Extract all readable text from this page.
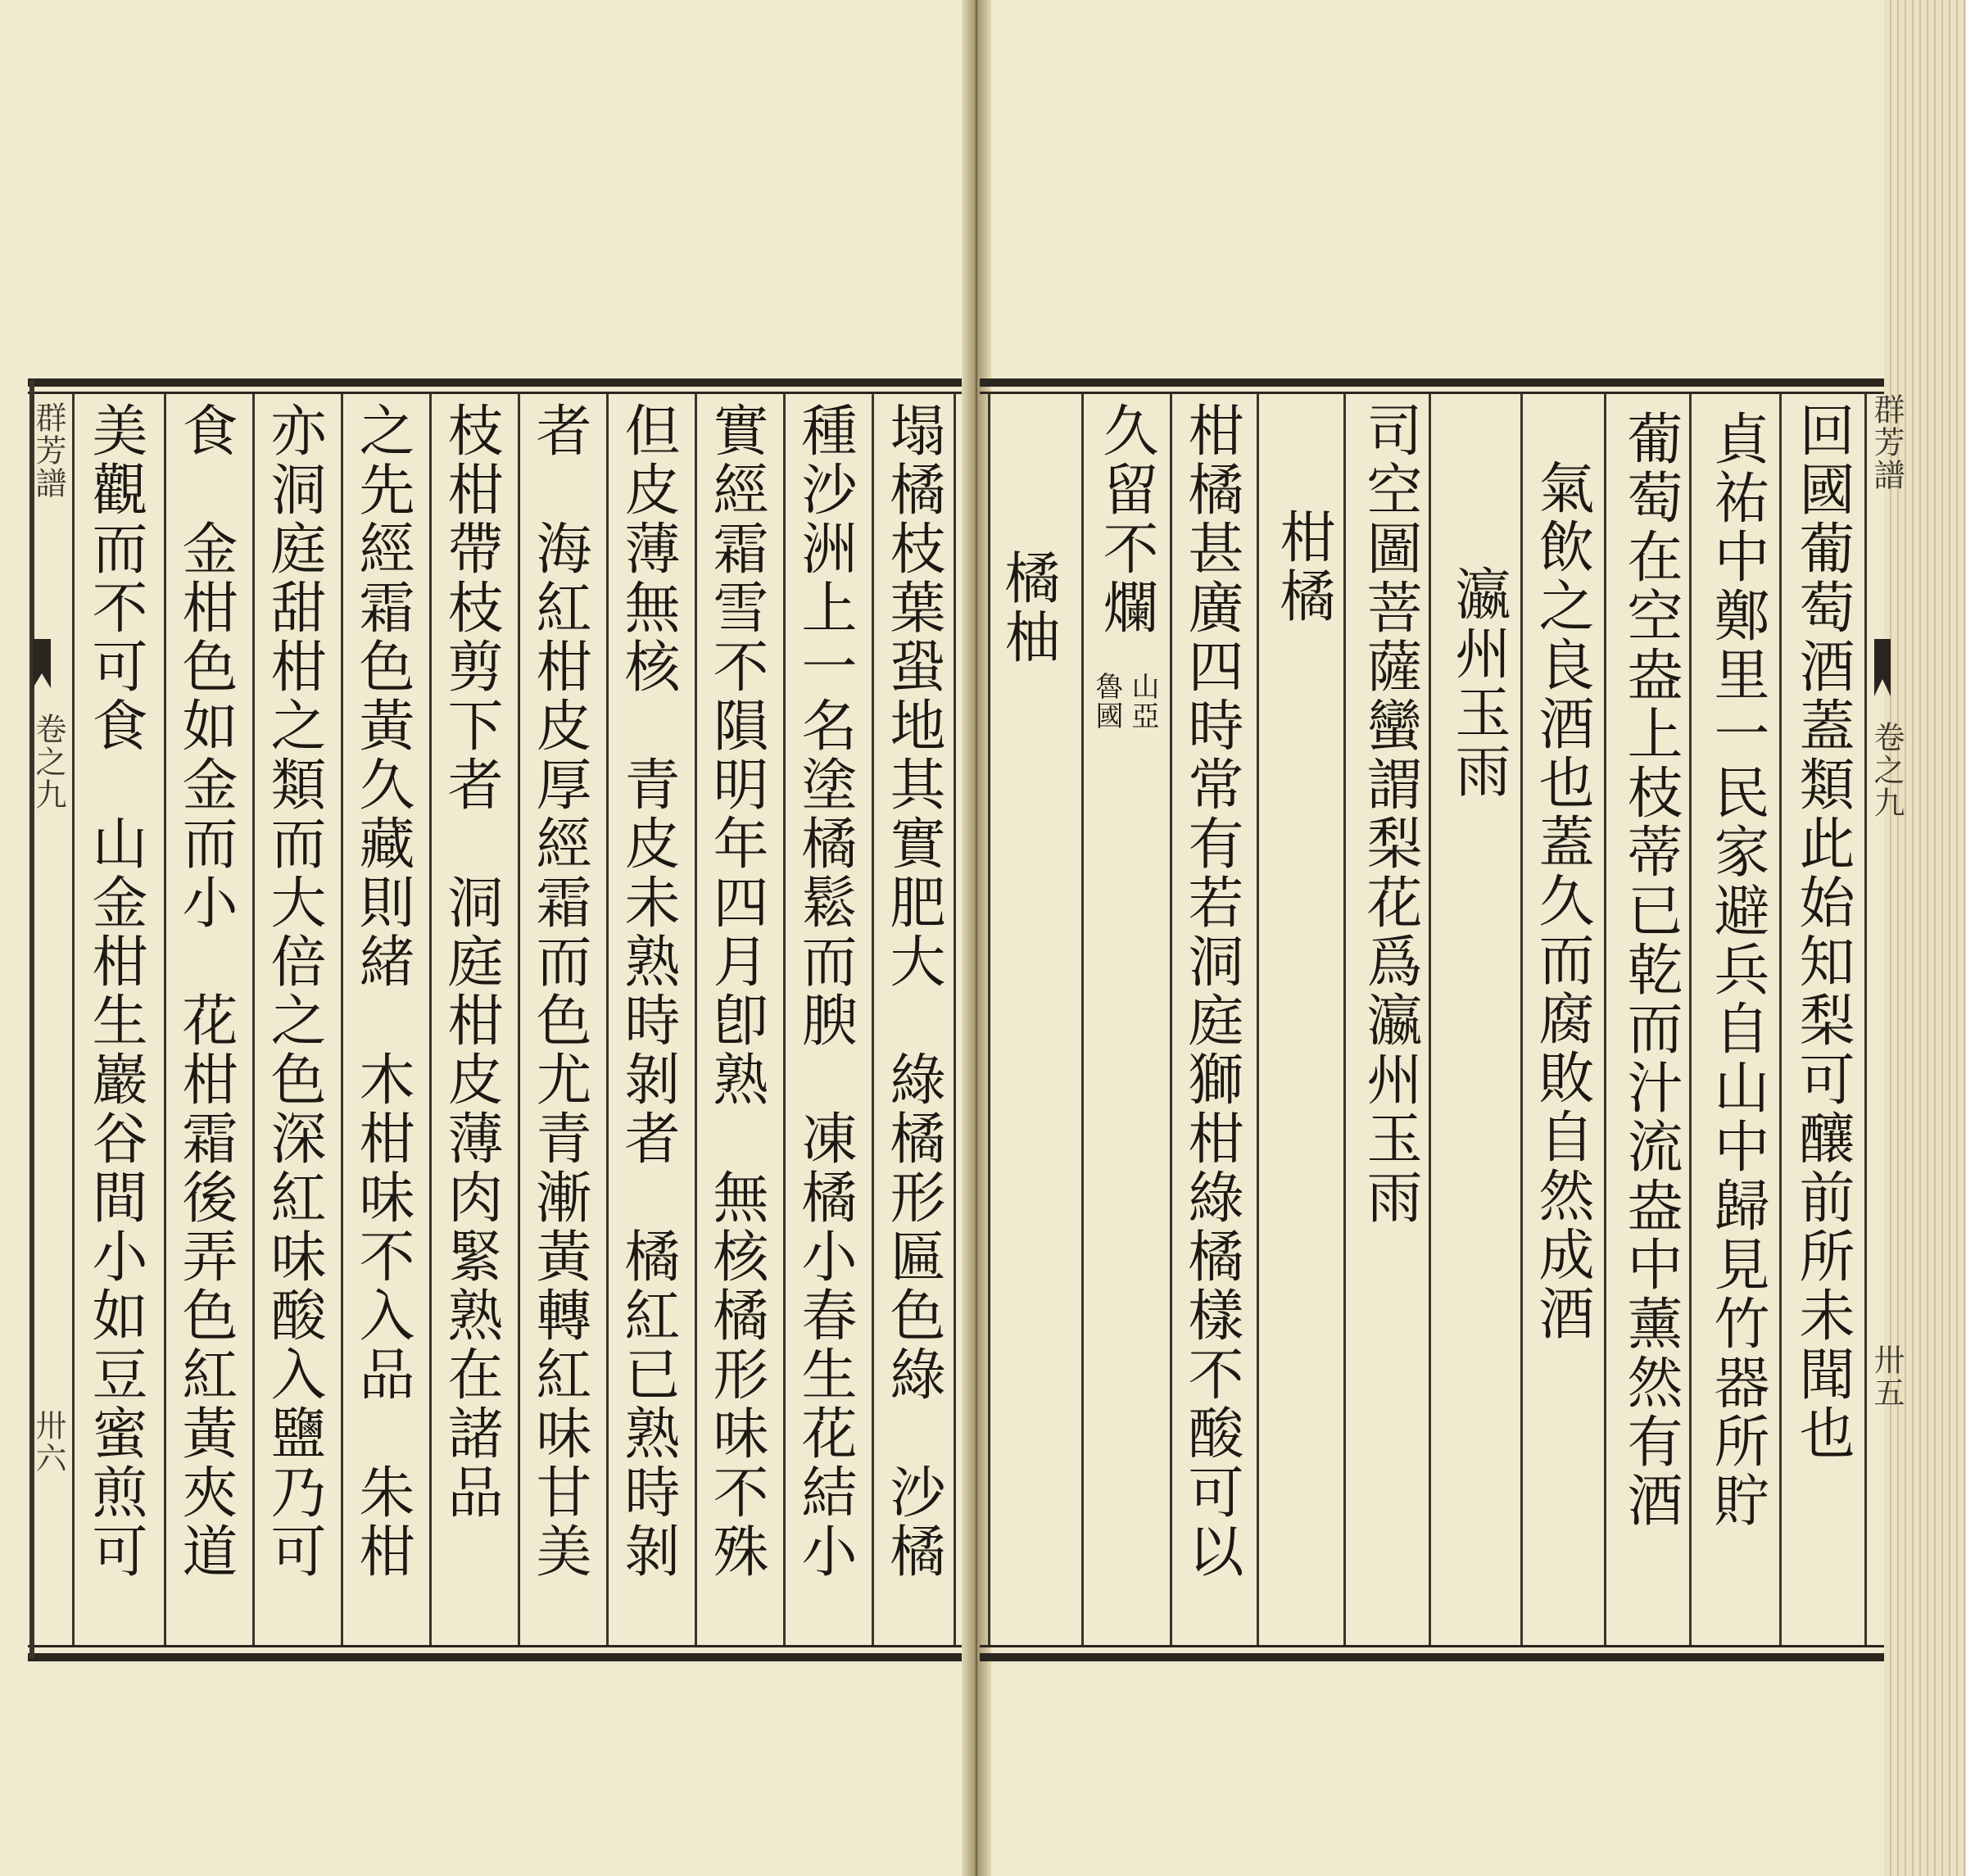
回國葡萄酒蓋類此始知梨可釀前所未聞也

貞祐中鄭里一民家避兵自山中歸見竹器所貯

葡萄在空盎上枝蒂已乾而汁流盎中薰然有酒

氣飲之良酒也蓋久而腐敗自然成酒

瀛州玉雨

司空圖菩薩蠻謂梨花爲瀛州玉雨

柑橘

柑橘甚廣四時常有若洞庭獅柑綠橘樣不酸可以

久留不爛

山亞

魯國

橘柚

群芳譜

卷之九

卅五

塌橘枝葉蛩地其實肥大　綠橘形匾色綠　沙橘

種沙洲上一名塗橘鬆而腴　凍橘小春生花結小

實經霜雪不隕明年四月卽熟　無核橘形味不殊

但皮薄無核　青皮未熟時剝者　橘紅已熟時剝

者　海紅柑皮厚經霜而色尤青漸黃轉紅味甘美

枝柑帶枝剪下者　洞庭柑皮薄肉緊熟在諸品

之先經霜色黃久藏則緒　木柑味不入品　朱柑

亦洞庭甜柑之類而大倍之色深紅味酸入鹽乃可

食　金柑色如金而小　花柑霜後弄色紅黃夾道

美觀而不可食　山金柑生巖谷間小如豆蜜煎可

群芳譜

卷之九

卅六
